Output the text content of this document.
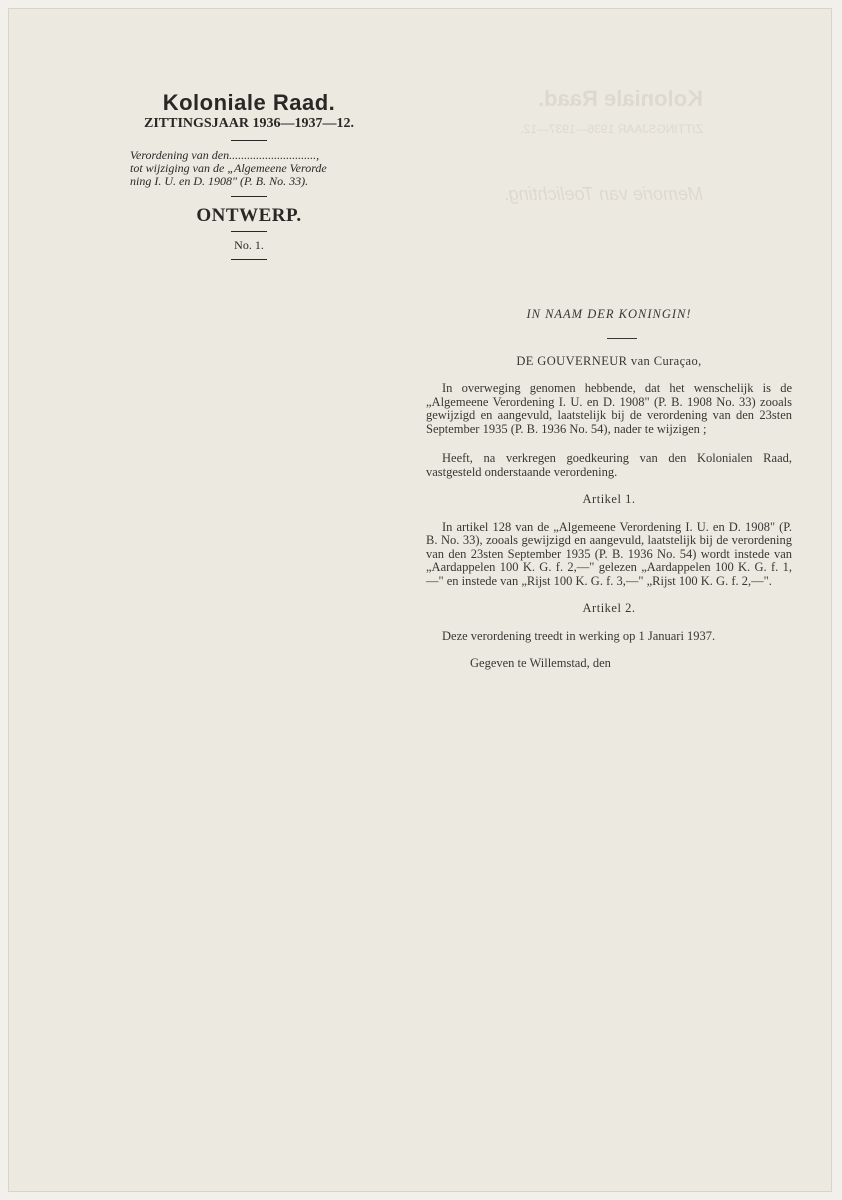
Koloniale Raad.
ZITTINGSJAAR 1936—1937—12.
Memorie van Toelichting.

Koloniale Raad.

ZITTINGSJAAR 1936—1937—12.

Verordening van den.............................,

tot wijziging van de „Algemeene Verorde

ning I. U. en D. 1908" (P. B. No. 33).

ONTWERP.

No. 1.

IN NAAM DER KONINGIN!

DE GOUVERNEUR van Curaçao,

In overweging genomen hebbende, dat het wenschelijk is de „Algemeene Verordening I. U. en D. 1908" (P. B. 1908 No. 33) zooals gewijzigd en aangevuld, laatstelijk bij de verordening van den 23sten September 1935 (P. B. 1936 No. 54), nader te wijzigen ;

Heeft, na verkregen goedkeuring van den Kolonialen Raad, vastgesteld onderstaande verordening.

Artikel 1.

In artikel 128 van de „Algemeene Verordening I. U. en D. 1908" (P. B. No. 33), zooals gewijzigd en aangevuld, laatstelijk bij de verordening van den 23sten September 1935 (P. B. 1936 No. 54) wordt instede van „Aardappelen 100 K. G. f. 2,—" gelezen „Aardappelen 100 K. G. f. 1,—" en instede van „Rijst 100 K. G. f. 3,—" „Rijst 100 K. G. f. 2,—".

Artikel 2.

Deze verordening treedt in werking op 1 Januari 1937.

Gegeven te Willemstad, den
